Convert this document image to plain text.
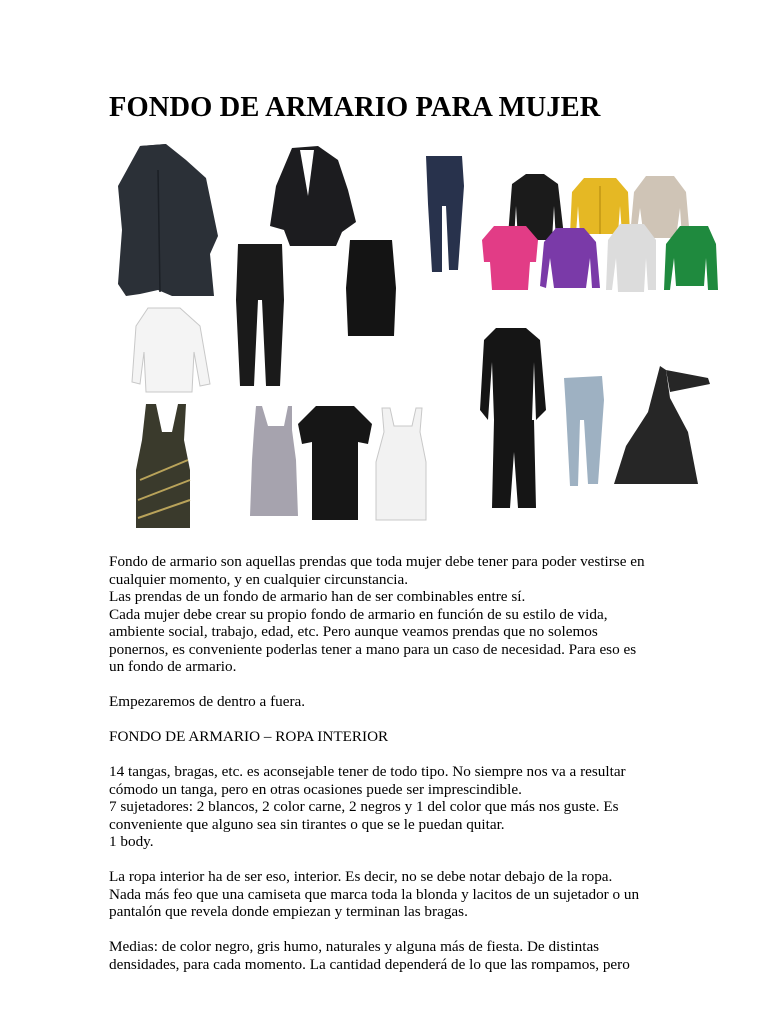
FONDO DE ARMARIO PARA MUJER

Fondo de armario son aquellas prendas que toda mujer debe tener para poder vestirse en
cualquier momento, y en cualquier circunstancia.
Las prendas de un fondo de armario han de ser combinables entre sí.
Cada mujer debe crear su propio fondo de armario en función de su estilo de vida,
ambiente social, trabajo, edad, etc. Pero aunque veamos prendas que no solemos
ponernos, es conveniente poderlas tener a mano para un caso de necesidad. Para eso es
un fondo de armario.

Empezaremos de dentro a fuera.

FONDO DE ARMARIO – ROPA INTERIOR

14 tangas, bragas, etc. es aconsejable tener de todo tipo. No siempre nos va a resultar
cómodo un tanga, pero en otras ocasiones puede ser imprescindible.
7 sujetadores: 2 blancos, 2 color carne, 2 negros y 1 del color que más nos guste. Es
conveniente que alguno sea sin tirantes o que se le puedan quitar.
1 body.

La ropa interior ha de ser eso, interior. Es decir, no se debe notar debajo de la ropa.
Nada más feo que una camiseta que marca toda la blonda y lacitos de un sujetador o un
pantalón que revela donde empiezan y terminan las bragas.

Medias: de color negro, gris humo, naturales y alguna más de fiesta. De distintas
densidades, para cada momento. La cantidad dependerá de lo que las rompamos, pero
